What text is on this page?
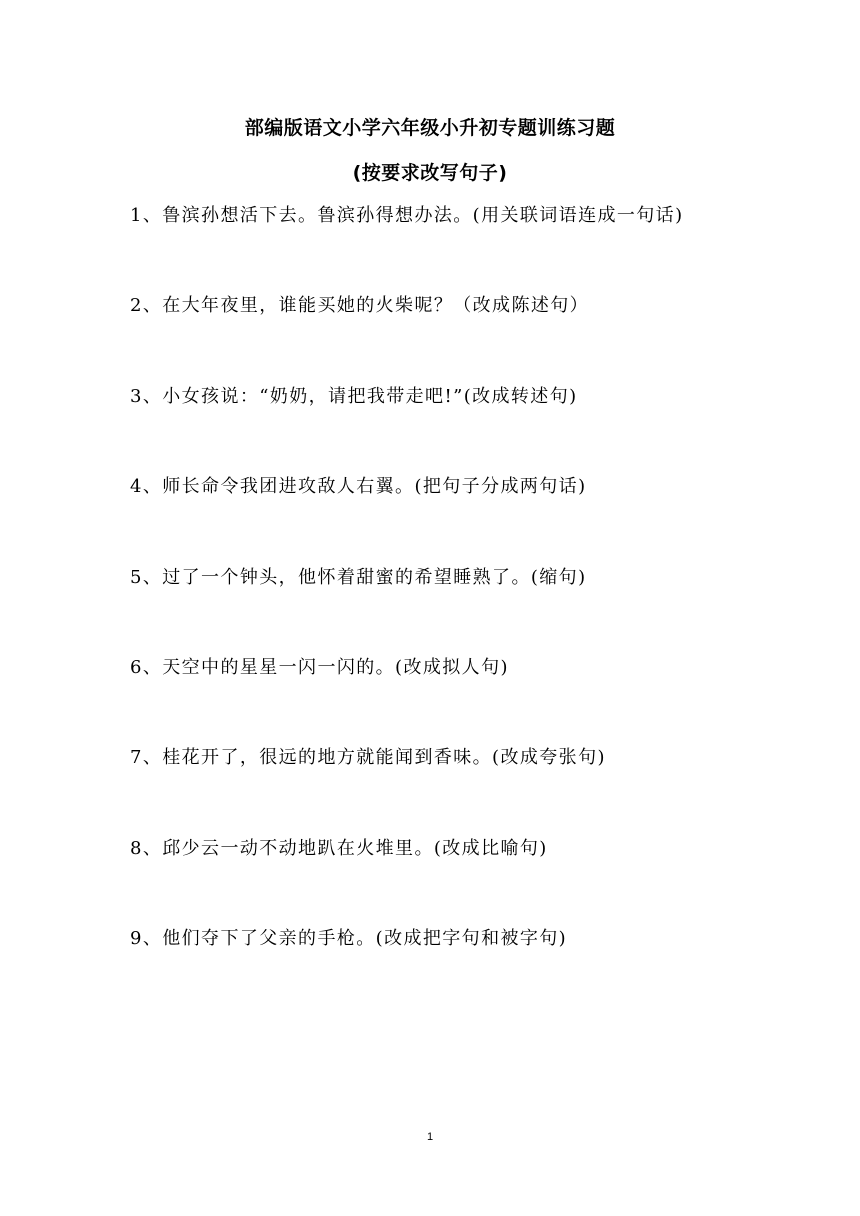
部编版语文小学六年级小升初专题训练习题
(按要求改写句子)
1、鲁滨孙想活下去。鲁滨孙得想办法。(用关联词语连成一句话)
2、在大年夜里，谁能买她的火柴呢？（改成陈述句）
3、小女孩说：“奶奶，请把我带走吧!”(改成转述句)
4、师长命令我团进攻敌人右翼。(把句子分成两句话)
5、过了一个钟头，他怀着甜蜜的希望睡熟了。(缩句)
6、天空中的星星一闪一闪的。(改成拟人句)
7、桂花开了，很远的地方就能闻到香味。(改成夸张句)
8、邱少云一动不动地趴在火堆里。(改成比喻句)
9、他们夺下了父亲的手枪。(改成把字句和被字句)
1
